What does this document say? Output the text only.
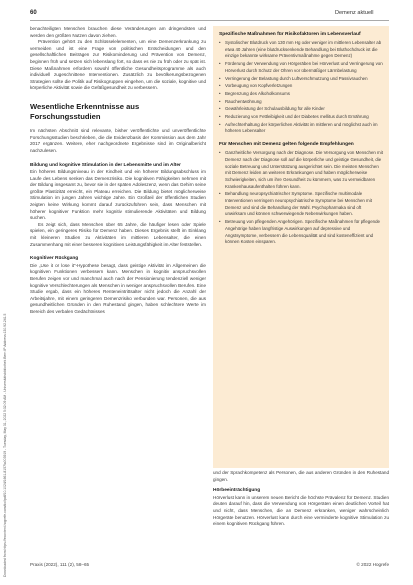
Downloaded from https://econtent.hogrefe.com/doi/pdf/10.1024/1661-8157/a003919 - Tuesday, May 31, 2022 5:32:09 AM - Universitätsbibliothek Bern IP Address:130.92.241.5
60	Demenz aktuell

benachteiligten Menschen brauchen diese Veränderungen am dringendsten und werden den größten Nutzen davon ziehen.

Prävention gehört zu den Schlüsselelementen, um eine Demenzerkrankung zu vermeiden und ist eine Frage von politischen Entscheidungen und den gesellschaftlichen Beiträgen zur Risikominderung und Prävention von Demenz, beginnen früh und setzen sich lebenslang fort, so dass es nie zu früh oder zu spät ist. Diese Maßnahmen erfordern sowohl öffentliche Gesundheitsprogramme als auch individuell zugeschnittene Interventionen. Zusätzlich zu bevölkerungsbezogenen Strategien sollte die Politik auf Risikogruppen eingehen, um die soziale, kognitive und körperliche Aktivität sowie die Gefäßgesundheit zu verbessern.

Wesentliche Erkenntnisse aus Forschungsstudien

Im nächsten Abschnitt sind relevante, bisher veröffentlichte und unveröffentlichte Forschungsstudien beschrieben, die die Evidenzbasis der Kommission aus dem Jahr 2017 ergänzen. Weitere, eher nachgeordnete Ergebnisse sind im Originalbericht nachzulesen.

Bildung und kognitive Stimulation in der Lebensmitte und im Alter

Ein höheres Bildungsniveau in der Kindheit und ein höherer Bildungsabschluss im Laufe des Lebens senken das Demenzrisiko. Die kognitiven Fähigkeiten nehmen mit der Bildung insgesamt zu, bevor sie in der späten Adoleszenz, wenn das Gehirn seine größte Plastizität erreicht, ein Plateau erreichen. Die Bildung bietet möglicherweise Stimulation im jungen Jahren wichtige Jahre. Ein Großteil der öffentlichen Studien zeigten keine Wirkung kommt darauf zurückzuführen sein, dass Menschen mit höherer kognitiver Funktion mehr kognitiv stimulierende Aktivitäten und Bildung suchen.

Es zeigt sich, dass Menschen über 65 Jahre, die häufiger lesen oder Spiele spielen, ein geringeres Risiko für Demenz haben. Dieses Ergebnis stellt im Einklang mit kleineren Studien zu Aktivitäten im mittleren Lebensalter, die einen Zusammenhang mit einer besseren kognitiven Leistungsfähigkeit im Alter feststellen.

Kognitiver Rückgang

Die „Use it or lose it“-Hypothese besagt, dass geistige Aktivität im Allgemeinen die kognitiven Funktionen verbessern kann. Menschen in kognitiv anspruchsvollen Berufen zeigen vor und manchmal auch nach der Pensionierung tendenziell weniger kognitive Verschlechterungen als Menschen in weniger anspruchsvollen Berufen. Eine Studie ergab, dass ein höheres Renteneintrittsalter nicht jedoch die Anzahl der Arbeitsjahre, mit einem geringeren Demenzrisiko verbunden war. Personen, die aus gesundheitlichen Gründen in den Ruhestand gingen, haben schlechtere Werte im Bereich des verbalen Gedächtnisses

Spezifische Maßnahmen für Risikofaktoren im Lebensverlauf
• Systolischer Blutdruck von 130 mm Hg oder weniger im mittleren Lebensalter ab etwa 40 Jahren (eine blutdrucksenkende Behandlung bei Bluthochdruck ist die einzige bekannte wirksame Präventivmaßnahme gegen Demenz)
• Förderung der Verwendung von Hörgeräben bei Hörverlust und Verringerung von Hörverlust durch Schutz der Ohren vor übermäßiger Lärmbelastung
• Verringerung der Belastung durch Luftverschmutzung und Passivrauchen
• Vorbeugung von Kopfverletzungen
• Begrenzung des Alkoholkonsums
• Rauchentwöhnung
• Gewährleistung der Schulausbildung für alle Kinder
• Reduzierung von Fettleibigkeit und der Diabetes mellitus durch Ernährung
• Aufrechterhaltung der körperlichen Aktivität im mittleren und möglichst auch im höheren Lebensalter
Für Menschen mit Demenz gelten folgende Empfehlungen
• Ganzheitliche Versorgung nach der Diagnose. Die Versorgung von Menschen mit Demenz nach der Diagnose soll auf die körperliche und geistige Gesundheit, die soziale Betreuung und Unterstützung ausgerichtet sein. Die meisten Menschen mit Demenz leiden an weiteren Erkrankungen und haben möglicherweise Schwierigkeiten, sich um ihre Gesundheit zu kümmern, was zu vermeidbaren Krankenhausaufenthalten führen kann.
• Behandlung neuropsychiatrischer Symptome. Spezifische multimodale Interventionen verringern neuropsychiatrische Symptome bei Menschen mit Demenz und sind die Behandlung der Wahl. Psychopharmaka sind oft unwirksam und können schwerwiegende Nebenwirkungen haben.
• Betreuung von pflegenden Angehörigen. Spezifische Maßnahmen für pflegende Angehörige haben langfristige Auswirkungen auf depressive und Angstsymptome, verbessern die Lebensqualität und sind kosteneffizient und können Kosten einsparen.

und der Sprachkompetenz als Personen, die aus anderen Gründen in den Ruhestand gingen.

Hörbeeinträchtigung

Hörverlust kann in unserem neuen Bericht die höchste Prävalenz für Demenz. Studien deuten darauf hin, dass die Verwendung von Hörgeräten einen deutlichen Vorteil hat und nicht, dass Menschen, die an Demenz erkranken, weniger wahrscheinlich Hörgeräte benutzen. Hörverlust kann durch eine verminderte kognitive Stimulation zu einem kognitiven Rückgang führen.

Praxis (2022), 111 (2), 58–65	© 2022 Hogrefe
